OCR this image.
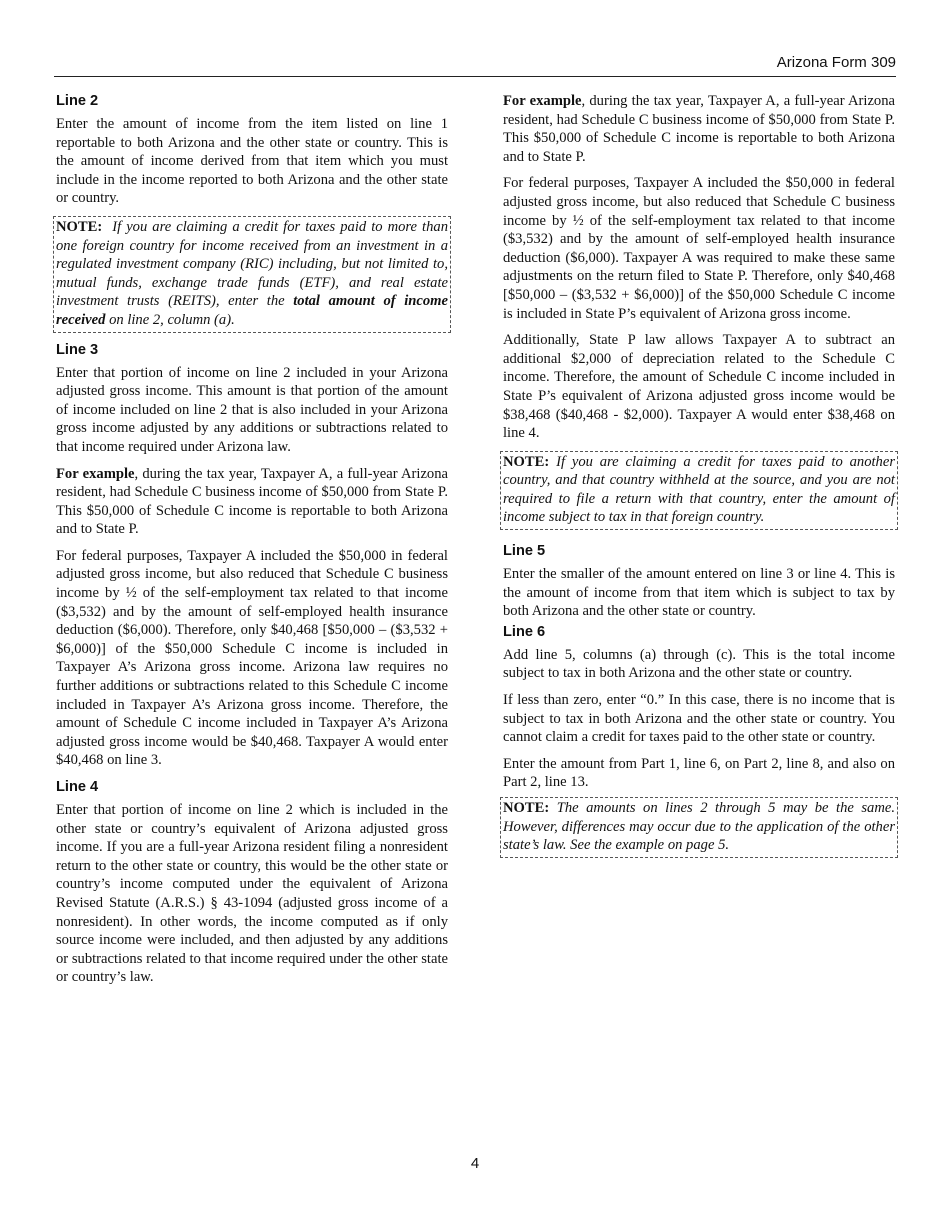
Arizona Form 309
Line 2

Enter the amount of income from the item listed on line 1 reportable to both Arizona and the other state or country. This is the amount of income derived from that item which you must include in the income reported to both Arizona and the other state or country.

NOTE: If you are claiming a credit for taxes paid to more than one foreign country for income received from an investment in a regulated investment company (RIC) including, but not limited to, mutual funds, exchange trade funds (ETF), and real estate investment trusts (REITS), enter the total amount of income received on line 2, column (a).
Line 3

Enter that portion of income on line 2 included in your Arizona adjusted gross income. This amount is that portion of the amount of income included on line 2 that is also included in your Arizona gross income adjusted by any additions or subtractions related to that income required under Arizona law.

For example, during the tax year, Taxpayer A, a full-year Arizona resident, had Schedule C business income of $50,000 from State P. This $50,000 of Schedule C income is reportable to both Arizona and to State P.

For federal purposes, Taxpayer A included the $50,000 in federal adjusted gross income, but also reduced that Schedule C business income by ½ of the self-employment tax related to that income ($3,532) and by the amount of self-employed health insurance deduction ($6,000). Therefore, only $40,468 [$50,000 – ($3,532 + $6,000)] of the $50,000 Schedule C income is included in Taxpayer A’s Arizona gross income. Arizona law requires no further additions or subtractions related to this Schedule C income included in Taxpayer A’s Arizona gross income. Therefore, the amount of Schedule C income included in Taxpayer A’s Arizona adjusted gross income would be $40,468. Taxpayer A would enter $40,468 on line 3.

Line 4

Enter that portion of income on line 2 which is included in the other state or country’s equivalent of Arizona adjusted gross income. If you are a full-year Arizona resident filing a nonresident return to the other state or country, this would be the other state or country’s income computed under the equivalent of Arizona Revised Statute (A.R.S.) § 43-1094 (adjusted gross income of a nonresident). In other words, the income computed as if only source income were included, and then adjusted by any additions or subtractions related to that income required under the other state or country’s law.

For example, during the tax year, Taxpayer A, a full-year Arizona resident, had Schedule C business income of $50,000 from State P. This $50,000 of Schedule C income is reportable to both Arizona and to State P.

For federal purposes, Taxpayer A included the $50,000 in federal adjusted gross income, but also reduced that Schedule C business income by ½ of the self-employment tax related to that income ($3,532) and by the amount of self-employed health insurance deduction ($6,000). Taxpayer A was required to make these same adjustments on the return filed to State P. Therefore, only $40,468 [$50,000 – ($3,532 + $6,000)] of the $50,000 Schedule C income is included in State P’s equivalent of Arizona gross income.

Additionally, State P law allows Taxpayer A to subtract an additional $2,000 of depreciation related to the Schedule C income. Therefore, the amount of Schedule C income included in State P’s equivalent of Arizona adjusted gross income would be $38,468 ($40,468 - $2,000). Taxpayer A would enter $38,468 on line 4.

NOTE: If you are claiming a credit for taxes paid to another country, and that country withheld at the source, and you are not required to file a return with that country, enter the amount of income subject to tax in that foreign country.
Line 5

Enter the smaller of the amount entered on line 3 or line 4. This is the amount of income from that item which is subject to tax by both Arizona and the other state or country.

Line 6

Add line 5, columns (a) through (c). This is the total income subject to tax in both Arizona and the other state or country.

If less than zero, enter “0.” In this case, there is no income that is subject to tax in both Arizona and the other state or country. You cannot claim a credit for taxes paid to the other state or country.

Enter the amount from Part 1, line 6, on Part 2, line 8, and also on Part 2, line 13.

NOTE: The amounts on lines 2 through 5 may be the same. However, differences may occur due to the application of the other state’s law. See the example on page 5.
4
